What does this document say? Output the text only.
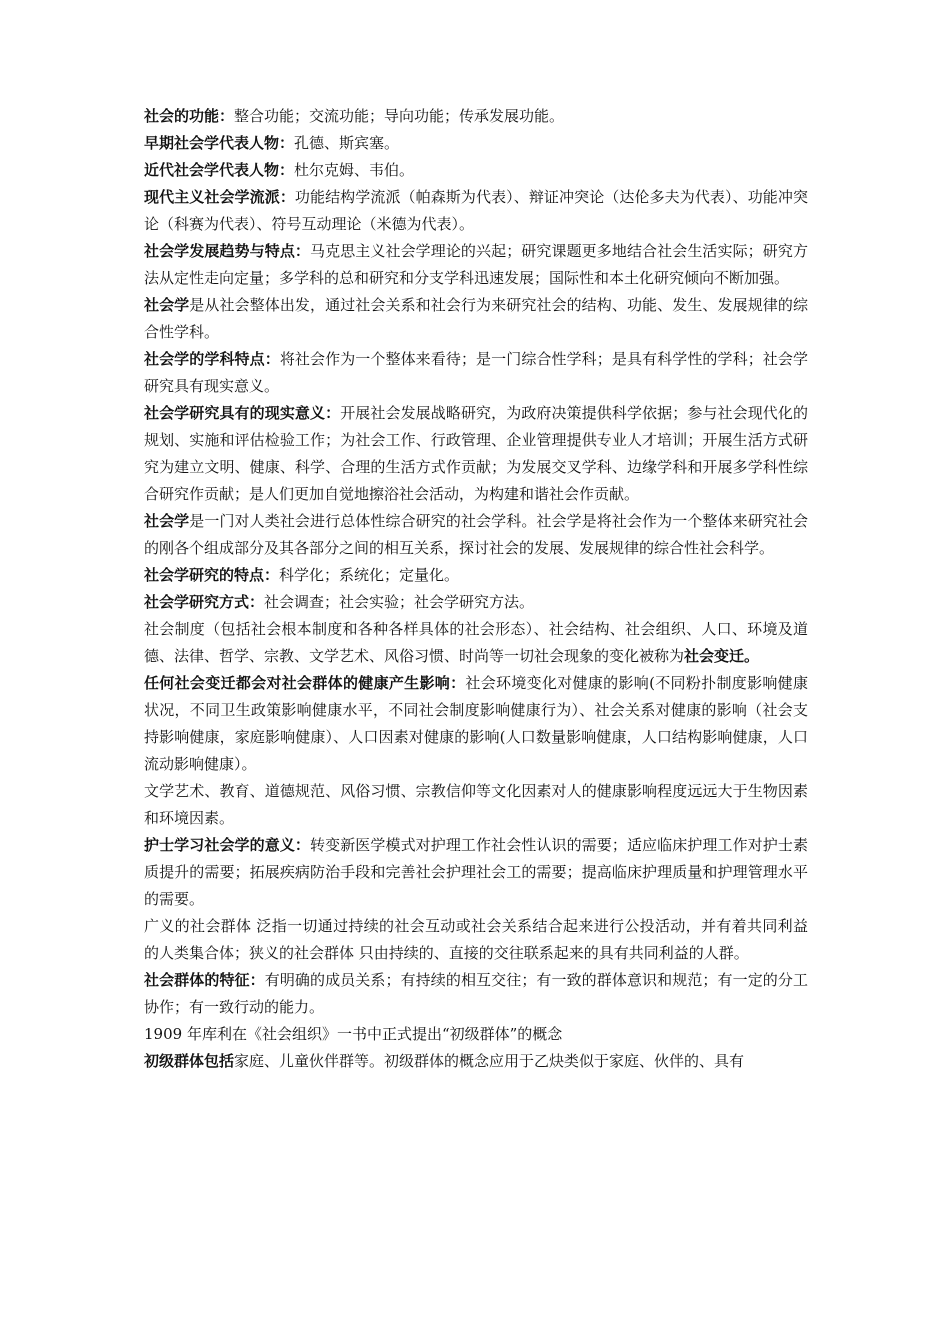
社会的功能：整合功能；交流功能；导向功能；传承发展功能。

早期社会学代表人物：孔德、斯宾塞。

近代社会学代表人物：杜尔克姆、韦伯。

现代主义社会学流派：功能结构学流派（帕森斯为代表）、辩证冲突论（达伦多夫为代表）、功能冲突论（科赛为代表）、符号互动理论（米德为代表）。

社会学发展趋势与特点：马克思主义社会学理论的兴起；研究课题更多地结合社会生活实际；研究方法从定性走向定量；多学科的总和研究和分支学科迅速发展；国际性和本土化研究倾向不断加强。

社会学是从社会整体出发，通过社会关系和社会行为来研究社会的结构、功能、发生、发展规律的综合性学科。

社会学的学科特点：将社会作为一个整体来看待；是一门综合性学科；是具有科学性的学科；社会学研究具有现实意义。

社会学研究具有的现实意义：开展社会发展战略研究，为政府决策提供科学依据；参与社会现代化的规划、实施和评估检验工作；为社会工作、行政管理、企业管理提供专业人才培训；开展生活方式研究为建立文明、健康、科学、合理的生活方式作贡献；为发展交叉学科、边缘学科和开展多学科性综合研究作贡献；是人们更加自觉地擦浴社会活动，为构建和谐社会作贡献。

社会学是一门对人类社会进行总体性综合研究的社会学科。社会学是将社会作为一个整体来研究社会的刚各个组成部分及其各部分之间的相互关系，探讨社会的发展、发展规律的综合性社会科学。

社会学研究的特点：科学化；系统化；定量化。

社会学研究方式：社会调查；社会实验；社会学研究方法。

社会制度（包括社会根本制度和各种各样具体的社会形态）、社会结构、社会组织、人口、环境及道德、法律、哲学、宗教、文学艺术、风俗习惯、时尚等一切社会现象的变化被称为社会变迁。

任何社会变迁都会对社会群体的健康产生影响：社会环境变化对健康的影响(不同粉扑制度影响健康状况，不同卫生政策影响健康水平，不同社会制度影响健康行为）、社会关系对健康的影响（社会支持影响健康，家庭影响健康）、人口因素对健康的影响(人口数量影响健康，人口结构影响健康，人口流动影响健康）。

文学艺术、教育、道德规范、风俗习惯、宗教信仰等文化因素对人的健康影响程度远远大于生物因素和环境因素。

护士学习社会学的意义：转变新医学模式对护理工作社会性认识的需要；适应临床护理工作对护士素质提升的需要；拓展疾病防治手段和完善社会护理社会工的需要；提高临床护理质量和护理管理水平的需要。

广义的社会群体 泛指一切通过持续的社会互动或社会关系结合起来进行公投活动，并有着共同利益的人类集合体；狭义的社会群体 只由持续的、直接的交往联系起来的具有共同利益的人群。

社会群体的特征：有明确的成员关系；有持续的相互交往；有一致的群体意识和规范；有一定的分工协作；有一致行动的能力。

1909 年库利在《社会组织》一书中正式提出“初级群体”的概念

初级群体包括家庭、儿童伙伴群等。初级群体的概念应用于乙炔类似于家庭、伙伴的、具有
